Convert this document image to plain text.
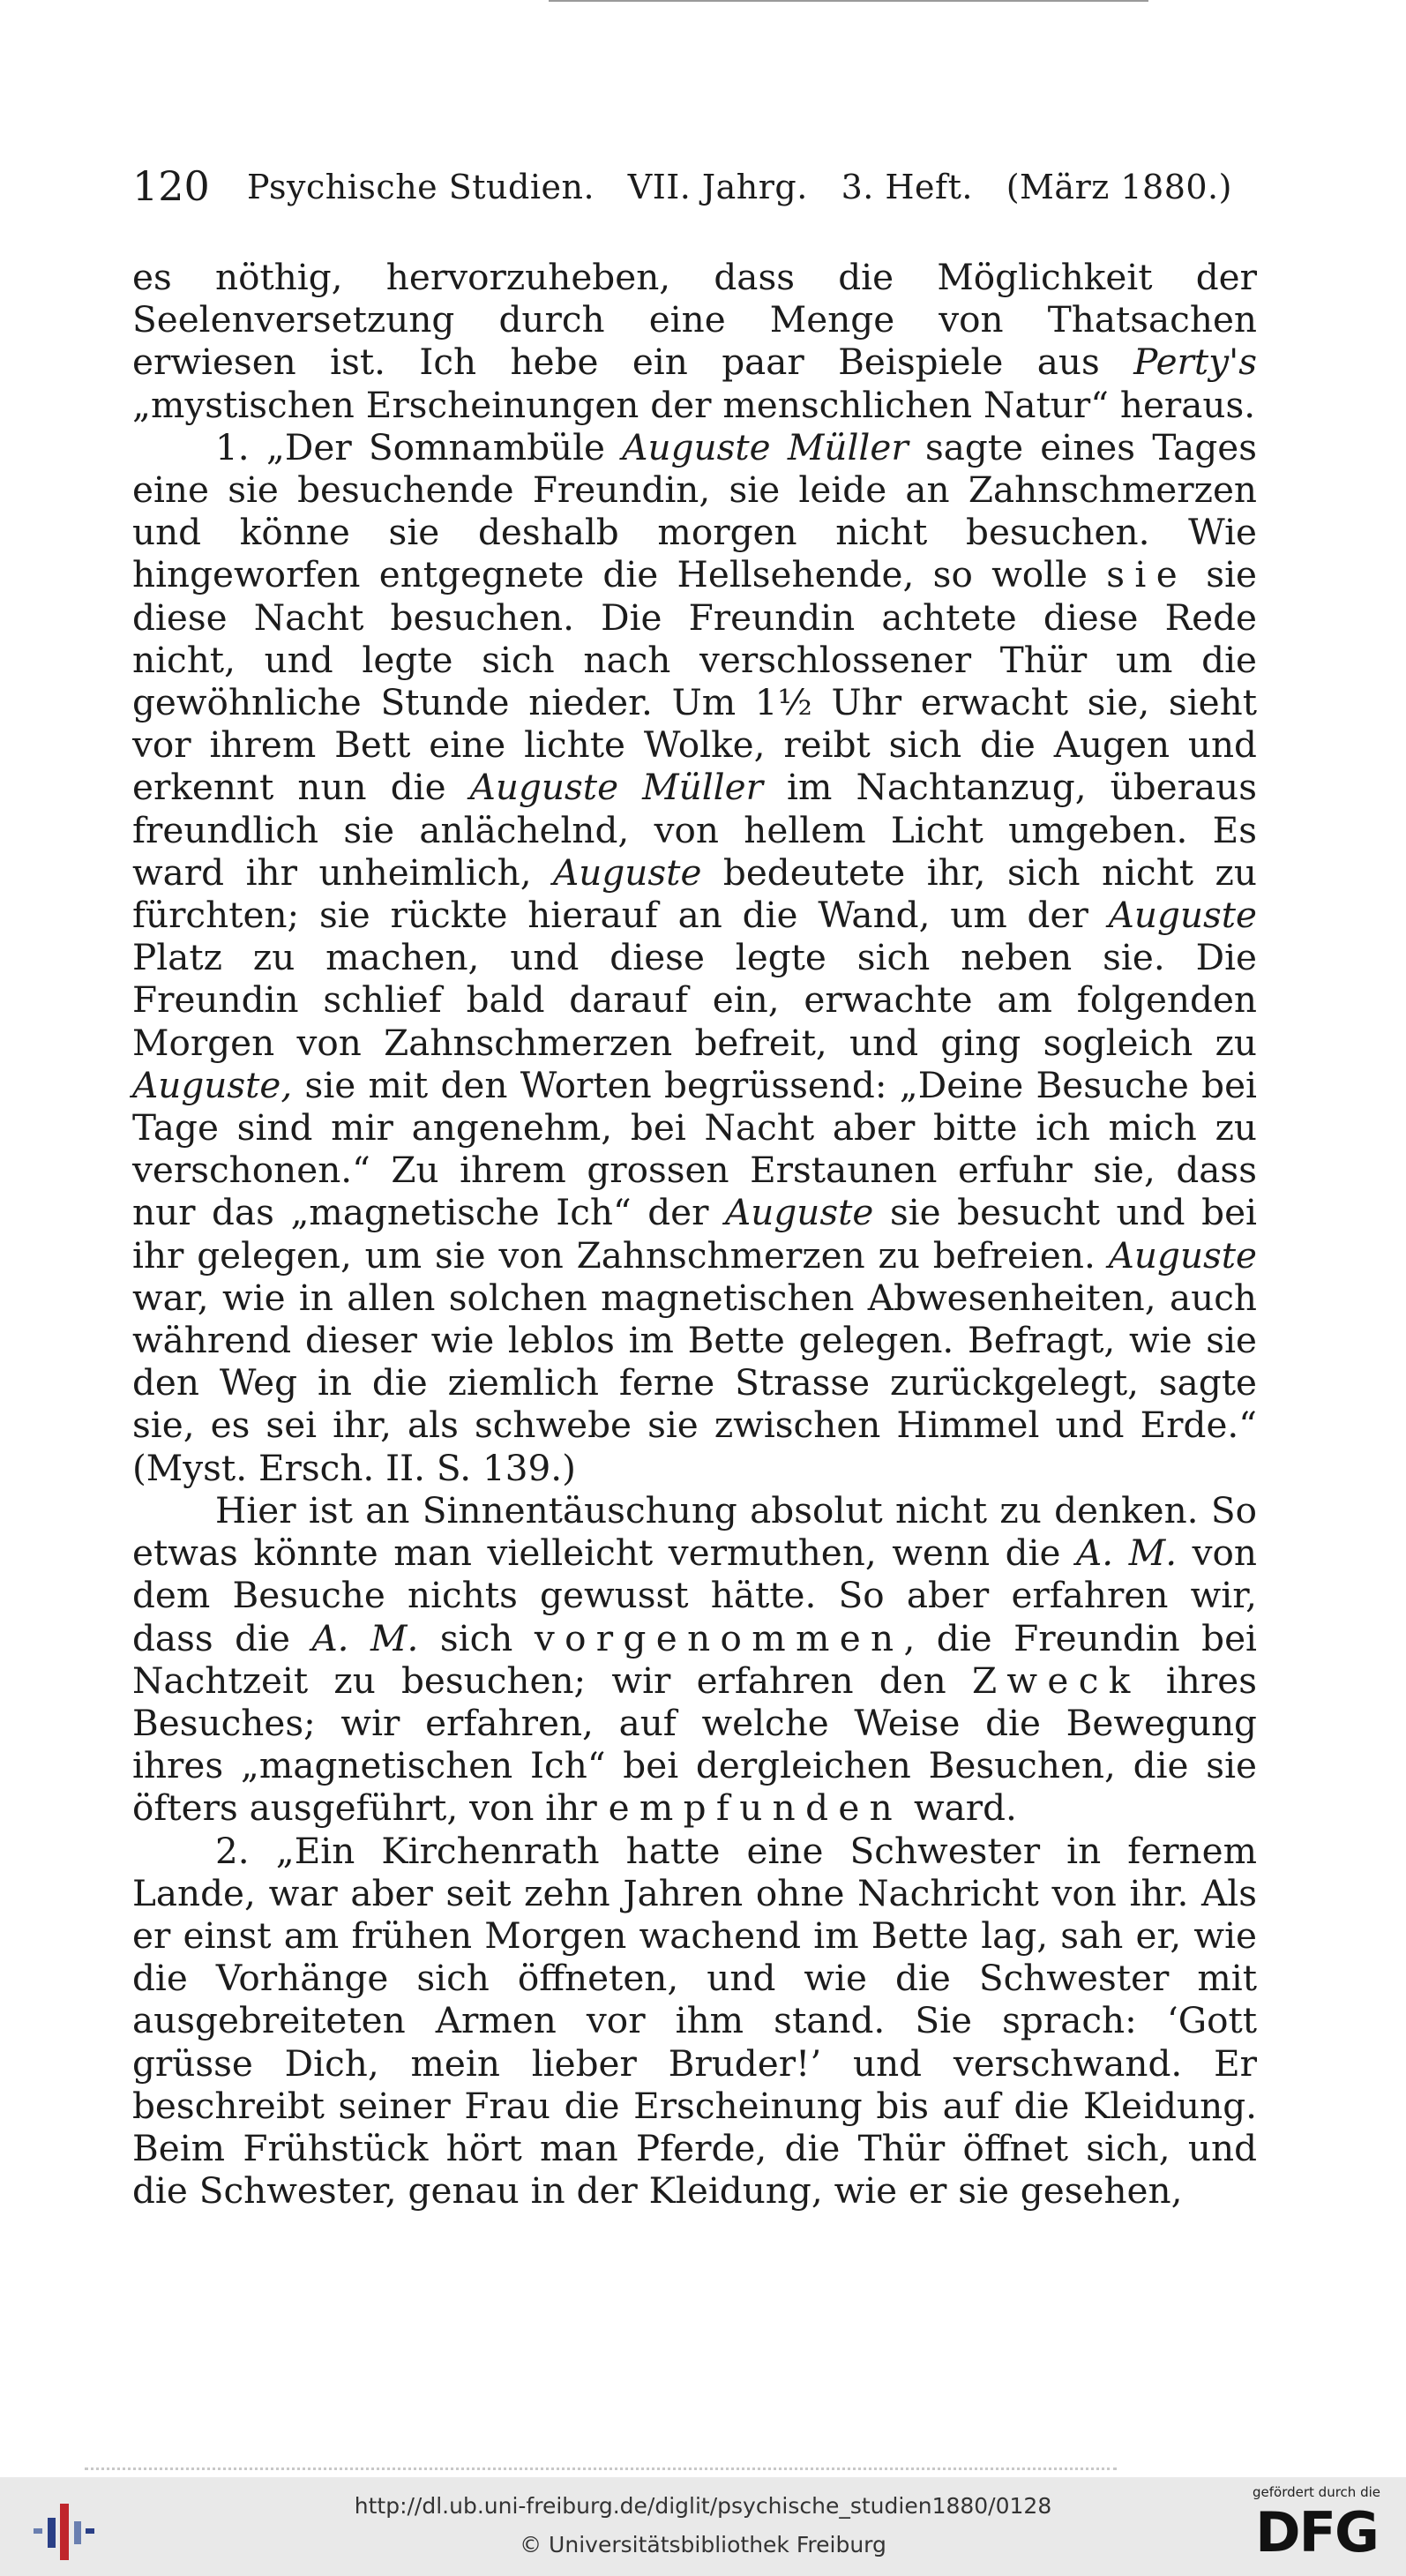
120 Psychische Studien.   VII. Jahrg.   3. Heft.   (März 1880.)

es nöthig, hervorzuheben, dass die Möglichkeit der Seelenversetzung durch eine Menge von Thatsachen erwiesen ist. Ich hebe ein paar Beispiele aus Perty's „mystischen Erscheinungen der menschlichen Natur“ heraus.

1. „Der Somnambüle Auguste Müller sagte eines Tages eine sie besuchende Freundin, sie leide an Zahnschmerzen und könne sie deshalb morgen nicht besuchen. Wie hingeworfen entgegnete die Hellsehende, so wolle sie sie diese Nacht besuchen. Die Freundin achtete diese Rede nicht, und legte sich nach verschlossener Thür um die gewöhnliche Stunde nieder. Um 1½ Uhr erwacht sie, sieht vor ihrem Bett eine lichte Wolke, reibt sich die Augen und erkennt nun die Auguste Müller im Nachtanzug, überaus freundlich sie anlächelnd, von hellem Licht umgeben. Es ward ihr unheimlich, Auguste bedeutete ihr, sich nicht zu fürchten; sie rückte hierauf an die Wand, um der Auguste Platz zu machen, und diese legte sich neben sie. Die Freundin schlief bald darauf ein, erwachte am folgenden Morgen von Zahnschmerzen befreit, und ging sogleich zu Auguste, sie mit den Worten begrüssend: „Deine Besuche bei Tage sind mir angenehm, bei Nacht aber bitte ich mich zu verschonen.“ Zu ihrem grossen Erstaunen erfuhr sie, dass nur das „magnetische Ich“ der Auguste sie besucht und bei ihr gelegen, um sie von Zahnschmerzen zu befreien. Auguste war, wie in allen solchen magnetischen Abwesenheiten, auch während dieser wie leblos im Bette gelegen. Befragt, wie sie den Weg in die ziemlich ferne Strasse zurückgelegt, sagte sie, es sei ihr, als schwebe sie zwischen Himmel und Erde.“ (Myst. Ersch. II. S. 139.)

Hier ist an Sinnentäuschung absolut nicht zu denken. So etwas könnte man vielleicht vermuthen, wenn die A. M. von dem Besuche nichts gewusst hätte. So aber erfahren wir, dass die A. M. sich vorgenommen, die Freundin bei Nachtzeit zu besuchen; wir erfahren den Zweck ihres Besuches; wir erfahren, auf welche Weise die Bewegung ihres „magnetischen Ich“ bei dergleichen Besuchen, die sie öfters ausgeführt, von ihr empfunden ward.

2. „Ein Kirchenrath hatte eine Schwester in fernem Lande, war aber seit zehn Jahren ohne Nachricht von ihr. Als er einst am frühen Morgen wachend im Bette lag, sah er, wie die Vorhänge sich öffneten, und wie die Schwester mit ausgebreiteten Armen vor ihm stand. Sie sprach: ‘Gott grüsse Dich, mein lieber Bruder!’ und verschwand. Er beschreibt seiner Frau die Erscheinung bis auf die Kleidung. Beim Frühstück hört man Pferde, die Thür öffnet sich, und die Schwester, genau in der Kleidung, wie er sie gesehen,

http://dl.ub.uni-freiburg.de/diglit/psychische_studien1880/0128
© Universitätsbibliothek Freiburg
gefördert durch die
DFG
